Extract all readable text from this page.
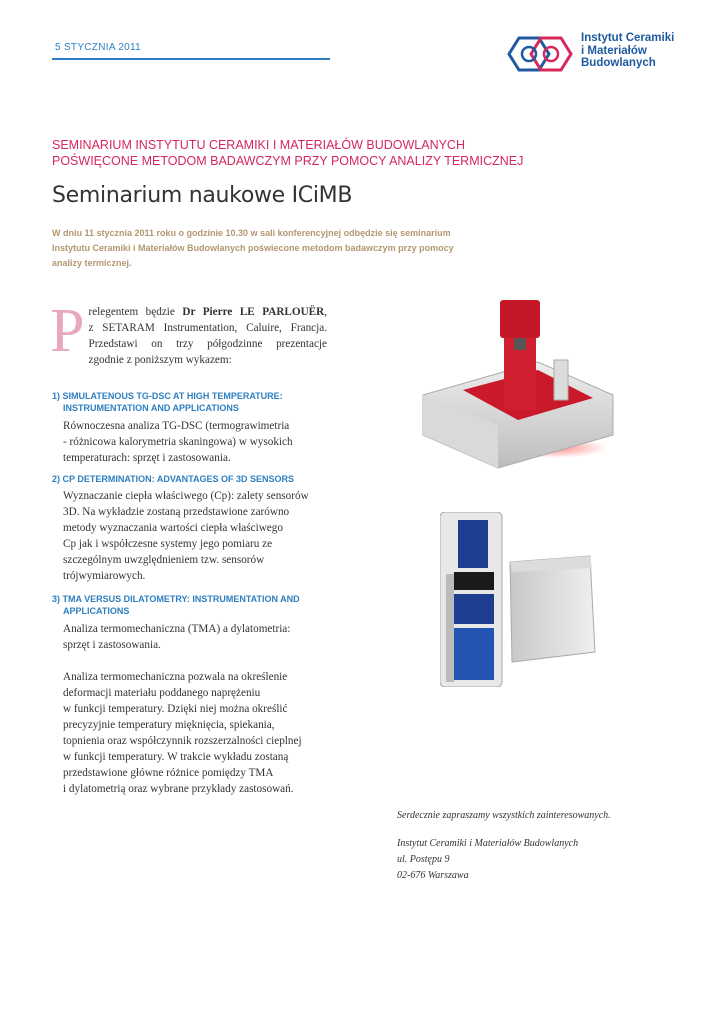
5 STYCZNIA 2011
Instytut Ceramiki
i Materiałów
Budowlanych
SEMINARIUM INSTYTUTU CERAMIKI I MATERIAŁÓW BUDOWLANYCH
POŚWIĘCONE METODOM BADAWCZYM PRZY POMOCY ANALIZY TERMICZNEJ
Seminarium naukowe ICiMB
W dniu 11 stycznia 2011 roku o godzinie 10.30 w sali konferencyjnej odbędzie się seminarium
Instytutu Ceramiki i Materiałów Budowlanych poświecone metodom badawczym przy pomocy
analizy termicznej.
P relegentem będzie Dr Pierre LE PARLOUËR,
z SETARAM Instrumentation, Caluire, Francja.
Przedstawi on trzy półgodzinne prezentacje
zgodnie z poniższym wykazem:
1) SIMULATENOUS TG-DSC AT HIGH TEMPERATURE:
INSTRUMENTATION AND APPLICATIONS
Równoczesna analiza TG-DSC (termograwimetria
- różnicowa kalorymetria skaningowa) w wysokich
temperaturach: sprzęt i zastosowania.
2) CP DETERMINATION: ADVANTAGES OF 3D SENSORS
Wyznaczanie ciepła właściwego (Cp): zalety sensorów
3D. Na wykładzie zostaną przedstawione zarówno
metody wyznaczania wartości ciepła właściwego
Cp jak i współczesne systemy jego pomiaru ze
szczególnym uwzględnieniem tzw. sensorów
trójwymiarowych.
3) TMA VERSUS DILATOMETRY: INSTRUMENTATION AND
APPLICATIONS
Analiza termomechaniczna (TMA) a dylatometria:
sprzęt i zastosowania.
Analiza termomechaniczna pozwala na określenie
deformacji materiału poddanego naprężeniu
w funkcji temperatury. Dzięki niej można określić
precyzyjnie temperatury mięknięcia, spiekania,
topnienia oraz współczynnik rozszerzalności cieplnej
w funkcji temperatury. W trakcie wykładu zostaną
przedstawione główne różnice pomiędzy TMA
i dylatometrią oraz wybrane przykłady zastosowań.
Serdecznie zapraszamy wszystkich zainteresowanych.
Instytut Ceramiki i Materiałów Budowlanych
ul. Postępu 9
02-676 Warszawa
